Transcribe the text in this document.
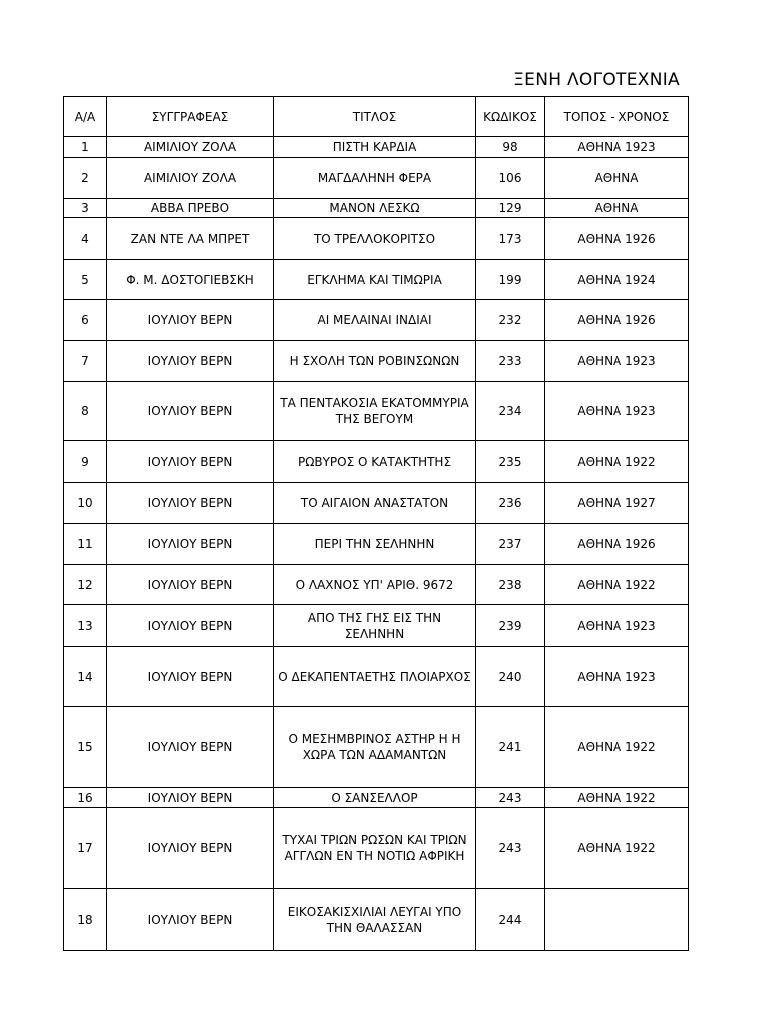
ΞΕΝΗ ΛΟΓΟΤΕΧΝΙΑ
Α/Α	ΣΥΓΓΡΑΦΕΑΣ	ΤΙΤΛΟΣ	ΚΩΔΙΚΟΣ	ΤΟΠΟΣ - ΧΡΟΝΟΣ
1	ΑΙΜΙΛΙΟΥ ΖΟΛΑ	ΠΙΣΤΗ ΚΑΡΔΙΑ	98	ΑΘΗΝΑ 1923
2	ΑΙΜΙΛΙΟΥ ΖΟΛΑ	ΜΑΓΔΑΛΗΝΗ ΦΕΡΑ	106	ΑΘΗΝΑ
3	ΑΒΒΑ ΠΡΕΒΟ	ΜΑΝΟΝ ΛΕΣΚΩ	129	ΑΘΗΝΑ
4	ΖΑΝ ΝΤΕ ΛΑ ΜΠΡΕΤ	ΤΟ ΤΡΕΛΛΟΚΟΡΙΤΣΟ	173	ΑΘΗΝΑ 1926
5	Φ. Μ. ΔΟΣΤΟΓΙΕΒΣΚΗ	ΕΓΚΛΗΜΑ ΚΑΙ ΤΙΜΩΡΙΑ	199	ΑΘΗΝΑ 1924
6	ΙΟΥΛΙΟΥ ΒΕΡΝ	ΑΙ ΜΕΛΑΙΝΑΙ ΙΝΔΙΑΙ	232	ΑΘΗΝΑ 1926
7	ΙΟΥΛΙΟΥ ΒΕΡΝ	Η ΣΧΟΛΗ ΤΩΝ ΡΟΒΙΝΣΩΝΩΝ	233	ΑΘΗΝΑ 1923
8	ΙΟΥΛΙΟΥ ΒΕΡΝ	ΤΑ ΠΕΝΤΑΚΟΣΙΑ ΕΚΑΤΟΜΜΥΡΙΑ ΤΗΣ ΒΕΓΟΥΜ	234	ΑΘΗΝΑ 1923
9	ΙΟΥΛΙΟΥ ΒΕΡΝ	ΡΩΒΥΡΟΣ Ο ΚΑΤΑΚΤΗΤΗΣ	235	ΑΘΗΝΑ 1922
10	ΙΟΥΛΙΟΥ ΒΕΡΝ	ΤΟ ΑΙΓΑΙΟΝ ΑΝΑΣΤΑΤΟΝ	236	ΑΘΗΝΑ 1927
11	ΙΟΥΛΙΟΥ ΒΕΡΝ	ΠΕΡΙ ΤΗΝ ΣΕΛΗΝΗΝ	237	ΑΘΗΝΑ 1926
12	ΙΟΥΛΙΟΥ ΒΕΡΝ	Ο ΛΑΧΝΟΣ ΥΠ' ΑΡΙΘ. 9672	238	ΑΘΗΝΑ 1922
13	ΙΟΥΛΙΟΥ ΒΕΡΝ	ΑΠΟ ΤΗΣ ΓΗΣ ΕΙΣ ΤΗΝ ΣΕΛΗΝΗΝ	239	ΑΘΗΝΑ 1923
14	ΙΟΥΛΙΟΥ ΒΕΡΝ	Ο ΔΕΚΑΠΕΝΤΑΕΤΗΣ ΠΛΟΙΑΡΧΟΣ	240	ΑΘΗΝΑ 1923
15	ΙΟΥΛΙΟΥ ΒΕΡΝ	Ο ΜΕΣΗΜΒΡΙΝΟΣ ΑΣΤΗΡ Η Η ΧΩΡΑ ΤΩΝ ΑΔΑΜΑΝΤΩΝ	241	ΑΘΗΝΑ 1922
16	ΙΟΥΛΙΟΥ ΒΕΡΝ	Ο ΣΑΝΣΕΛΛΟΡ	243	ΑΘΗΝΑ 1922
17	ΙΟΥΛΙΟΥ ΒΕΡΝ	ΤΥΧΑΙ ΤΡΙΩΝ ΡΩΣΩΝ ΚΑΙ ΤΡΙΩΝ ΑΓΓΛΩΝ ΕΝ ΤΗ ΝΟΤΙΩ ΑΦΡΙΚΗ	243	ΑΘΗΝΑ 1922
18	ΙΟΥΛΙΟΥ ΒΕΡΝ	ΕΙΚΟΣΑΚΙΣΧΙΛΙΑΙ ΛΕΥΓΑΙ ΥΠΟ ΤΗΝ ΘΑΛΑΣΣΑΝ	244	
